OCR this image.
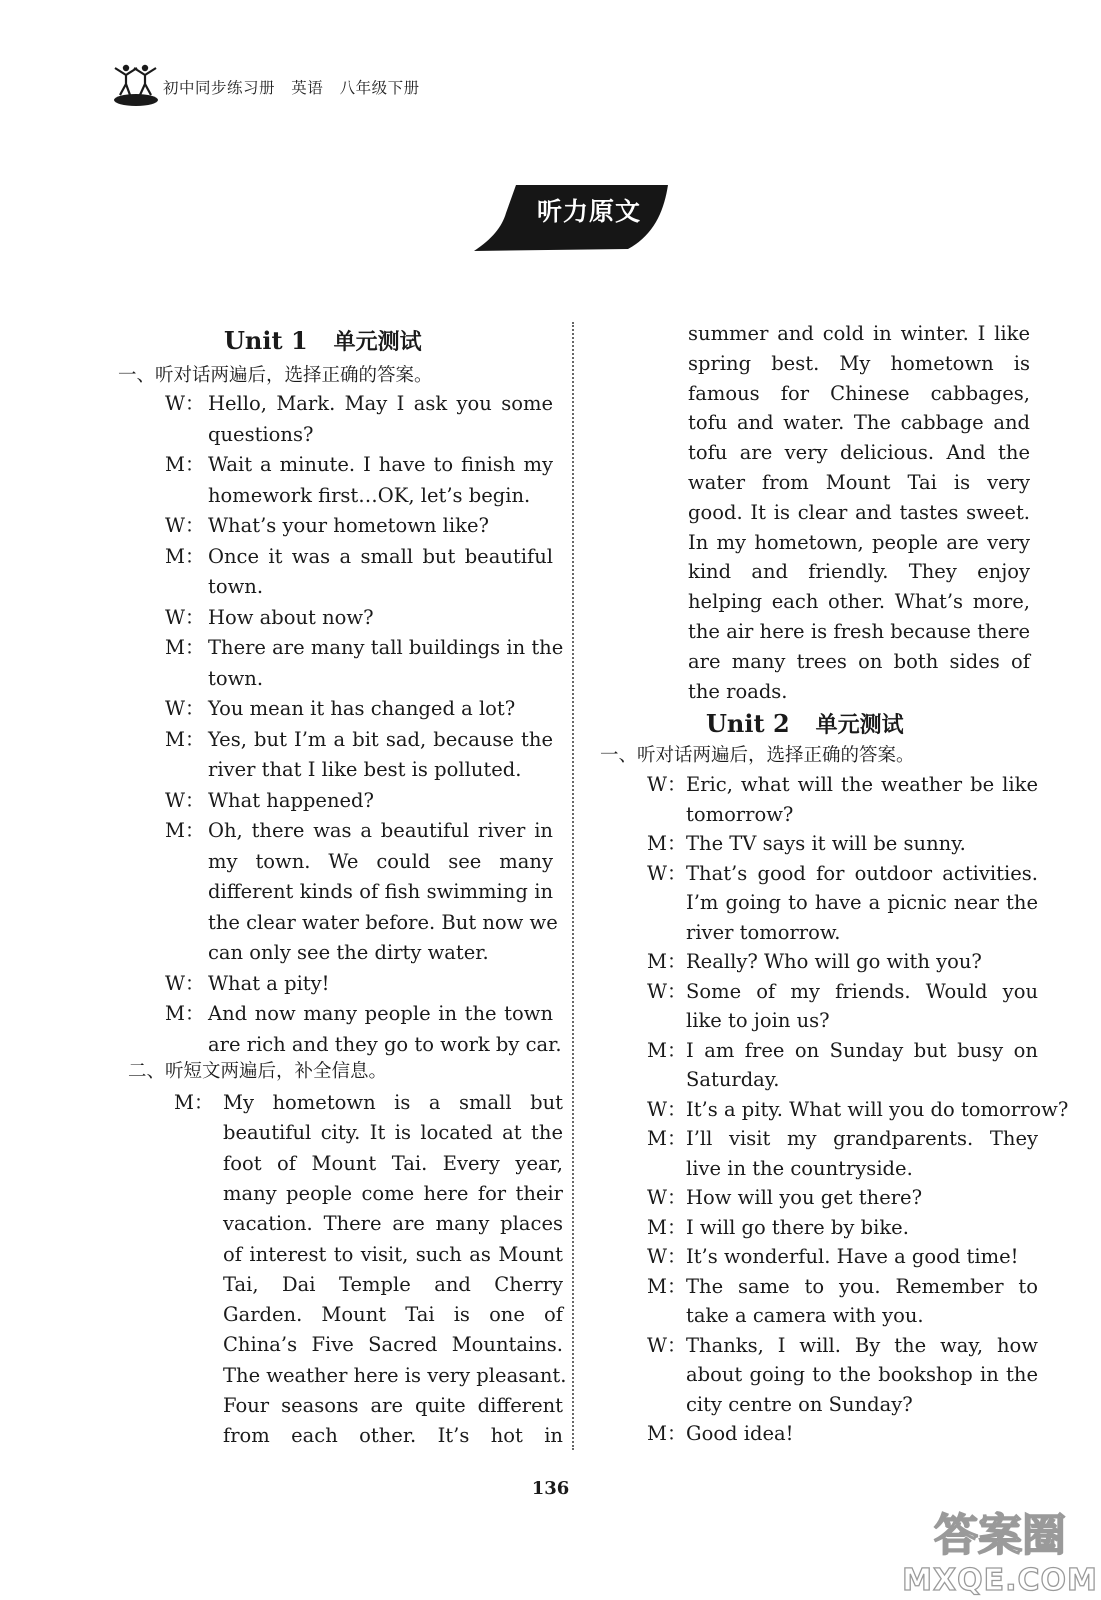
初中同步练习册   英语   八年级下册
听力原文
Unit 1 单元测试
一、听对话两遍后，选择正确的答案。
W： Hello, Mark. May I ask you some
questions?
M： Wait a minute. I have to finish my
homework first…OK, let’s begin.
W： What’s your hometown like?
M： Once it was a small but beautiful
town.
W： How about now?
M： There are many tall buildings in the
town.
W： You mean it has changed a lot?
M： Yes, but I’m a bit sad, because the
river that I like best is polluted.
W： What happened?
M： Oh, there was a beautiful river in
my town. We could see many
different kinds of fish swimming in
the clear water before. But now we
can only see the dirty water.
W： What a pity!
M： And now many people in the town
are rich and they go to work by car.
二、听短文两遍后，补全信息。
M： My hometown is a small but
beautiful city. It is located at the
foot of Mount Tai. Every year,
many people come here for their
vacation. There are many places
of interest to visit, such as Mount
Tai, Dai Temple and Cherry
Garden. Mount Tai is one of
China’s Five Sacred Mountains.
The weather here is very pleasant.
Four seasons are quite different
from each other. It’s hot in
summer and cold in winter. I like
spring best. My hometown is
famous for Chinese cabbages,
tofu and water. The cabbage and
tofu are very delicious. And the
water from Mount Tai is very
good. It is clear and tastes sweet.
In my hometown, people are very
kind and friendly. They enjoy
helping each other. What’s more,
the air here is fresh because there
are many trees on both sides of
the roads.
Unit 2 单元测试
一、听对话两遍后，选择正确的答案。
W： Eric, what will the weather be like
tomorrow?
M： The TV says it will be sunny.
W： That’s good for outdoor activities.
I’m going to have a picnic near the
river tomorrow.
M： Really? Who will go with you?
W： Some of my friends. Would you
like to join us?
M： I am free on Sunday but busy on
Saturday.
W： It’s a pity. What will you do tomorrow?
M： I’ll visit my grandparents. They
live in the countryside.
W： How will you get there?
M： I will go there by bike.
W： It’s wonderful. Have a good time!
M： The same to you. Remember to
take a camera with you.
W： Thanks, I will. By the way, how
about going to the bookshop in the
city centre on Sunday?
M： Good idea!
136
答案圈
MXQE.COM
